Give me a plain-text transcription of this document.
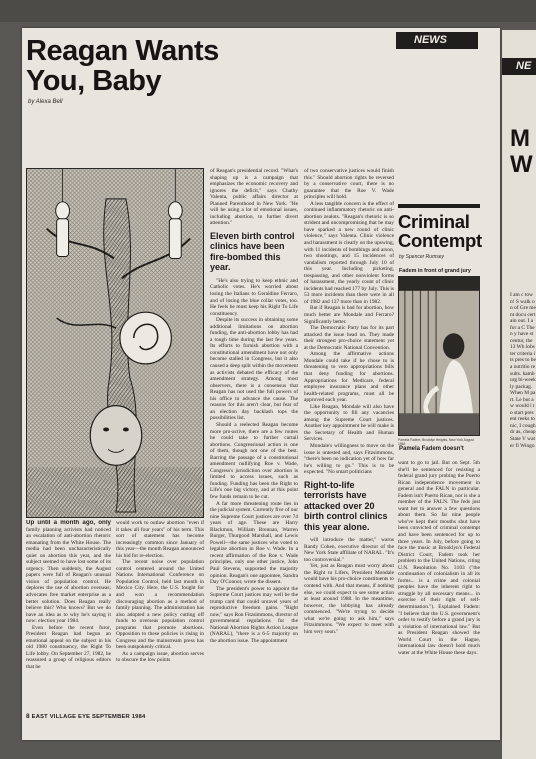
NE
M W
I am c town! S walk on of Gre ment docu certain out. I a for a C Then y have st centur, the 13 Wh lobster criteria its pres to be a nutritio results. hamburg bi-weekly packag. When M part. Le but a w would i to start present reeks tonic, I cough dr as, cheap State V water fi Wingo
NEWS
Reagan Wants You, Baby
by Alexa Bell

Up until a month ago, only family planning activists had noticed an escalation of anti-abortion rhetoric emanating from the White House. The media had been uncharacteristically quiet on abortion this year, and the subject seemed to have lost some of its urgency. Then suddenly, the August papers were full of Reagan's unusual vision of population control. He deplores the use of abortion overseas; advocates free market enterprise as a better solution. Does Reagan really believe this? Who knows? But we do have an idea as to why he's saying it now: election year 1984.

Even before the recent furor, President Reagan had begun an emotional appeal on the subject in his old 1980 constituency, the Right To Life lobby. On September 27, 1982, he reassured a group of religious editors that he

would work to outlaw abortion "even if it takes all four years" of his term. This sort of statement has become increasingly common since January of this year—the month Reagan announced his bid for re-election.

The recent noise over population control centered around the United Nations International Conference on Population Control, held last month in Mexico City. Here, the U.S. fought for and won a recommendation discouraging abortion as a method of family planning. The administration has also adopted a new policy cutting off funds to overseas population control programs that promote abortions. Opposition to these policies is rising in Congress and the mainstream press has been outspokenly critical.

As a campaign issue, abortion serves to obscure the low points

of Reagan's presidential record. "What's shaping up is a campaign that emphasizes the economic recovery and ignores the deficit," says Chathy Valenta, public affairs director at Planned Parenthood in New York. "He will be using a lot of emotional issues, including abortion, to further divert attention."

Eleven birth control clinics have been fire-bombed this year.

"He's also trying to keep ethnic and Catholic votes. He's worried about losing the Italians to Geraldine Ferraro, and of losing the blue collar votes, too. He feels he must keep his Right To Life constituency.

Despite its success in obtaining some additional limitations on abortion funding, the anti-abortion lobby has had a tough time during the last few years. Its efforts to furnish abortion with a constitutional amendment have not only become stalled in Congress, but it also caused a deep split within the movement as activists debated the efficacy of the amendment strategy. Among most observers, there is a consensus that Reagan has not used the full powers of his office to advance the cause. The reasons for this aren't clear, but fear of an election day backlash tops the possibilities list.

Should a reelected Reagan become more pro-active, there are a few routes he could take to further curtail abortions. Congressional action is one of them, though not one of the best. Barring the passage of a constitutional amendment nullifying Roe v. Wade, Congress's jurisdiction over abortion is limited to access issues, such as funding. Funding has been the Right to Life's one big victory, and at this point few funds remain to be cut.

A far more threatening route lies in the judicial system. Currently five of our nine Supreme Court justices are over 74 years of age. These are Harry Blackmun, William Brennan, Warren Burger, Thurgood Marshall, and Lewis Powell—the same justices who voted to legalize abortion in Roe v. Wade. In a recent affirmation of the Roe v. Wade principles, only one other justice, John Paul Stevens, supported the majority opinion. Reagan's one appointee, Sandra Day O'Connor, wrote the dissent.

The president's power to appoint the Supreme Court justices may well be the trump card that could unravel years of reproductive freedom gains. "Right now," says Ron Fitzsimmons, director of governmental regulations for the National Abortion Rights Action League (NARAL), "there is a 6-5 majority on the abortion issue. The appointment

of two conservative justices would finish this." Should abortion rights be reversed by a conservative court, there is no guarantee that the Roe V. Wade principles will hold.

A less tangible concern is the effect of continued inflammatory rhetoric on anti-abortion zealots. "Reagan's rhetoric is so strident and uncompromising that he may have sparked a new round of clinic violence," says Valenta. Clinic violence and harassment is clearly on the upswing, with 11 incidents of bombings and arson, two shootings, and 15 incidences of vandalism reported through July 10 of this year. Including picketing, trespassing, and other nonviolent forms of harassment, the yearly count of clinic incidents had reached 177 by July. This is 53 more incidents than there were in all of 1982 and 137 more than in 1982.

But if Reagan is bad for abortion, how much better are Mondale and Ferraro? Significantly better.

The Democratic Party has for its part attacked the issue head on. They made their strongest pro-choice statement yet at the Democratic National Convention.

Among the affirmative actions Mondale could take if he chose to is threatening to veto appropriations bills that deny funding for abortions. Appropriations for Medicare, federal employee insurance plans and other health-related programs, must all be approved each year.

Like Reagan, Mondale will also have the opportunity to fill any vacancies among the Supreme Court justices. Another key appointment he will make is the Secretary of Health and Human Services.

Mondale's willingness to move on the issue is untested and, says Fitzsimmons, "there's been no indication yet of how far he's willing to go." This is to be expected. "No smart politicians

Right-to-life terrorists have attacked over 20 birth control clinics this year alone.

will introduce the matter," warns Randy Cohen, executive director of the New York State affiliate of NARAL. "It's too controversial."

Yet, just as Reagan must worry about the Right to Lifers, President Mondale would have his pro-choice constituents to contend with. And that means, if nothing else, we could expect to see some action at least around 1988. In the meantime, however, the lobbying has already commenced. "We're trying to decide what we're going to ask him," says Fitzsimmons. "We expect to meet with him very soon."

Criminal Contempt
by Spencer Rumsey
Fadem in front of grand jury
Pamela Fadem, Brooklyn Heights, New York August 1984
Pamela Fadem doesn't

want to go to jail. But on Sept. 5th she'll be sentenced for resisting a federal grand jury probing the Puerto Rican independence movement in general and the FALN in particular. Fadem isn't Puerto Rican, nor is she a member of the FALN. The feds just want her to answer a few questions about them. So far nine people who've kept their mouths shut have been convicted of criminal contempt and have been sentenced for up to three years. In July, before going to face the music at Brooklyn's Federal District Court, Fadem took her problem to the United Nations, citing U.N. Resolution No. 3103 ("the continuation of colonialism in all its forms... is a crime and colonial peoples have the inherent right to struggle by all necessary means... in exercise of their right of self-determination."). Explained Fadem: "I believe that the U.S. government's order to testify before a grand jury is a violation of international law." But as President Reagan showed the World Court in the Hague, international law doesn't hold much water at the White House these days.

8 EAST VILLAGE EYE SEPTEMBER 1984
